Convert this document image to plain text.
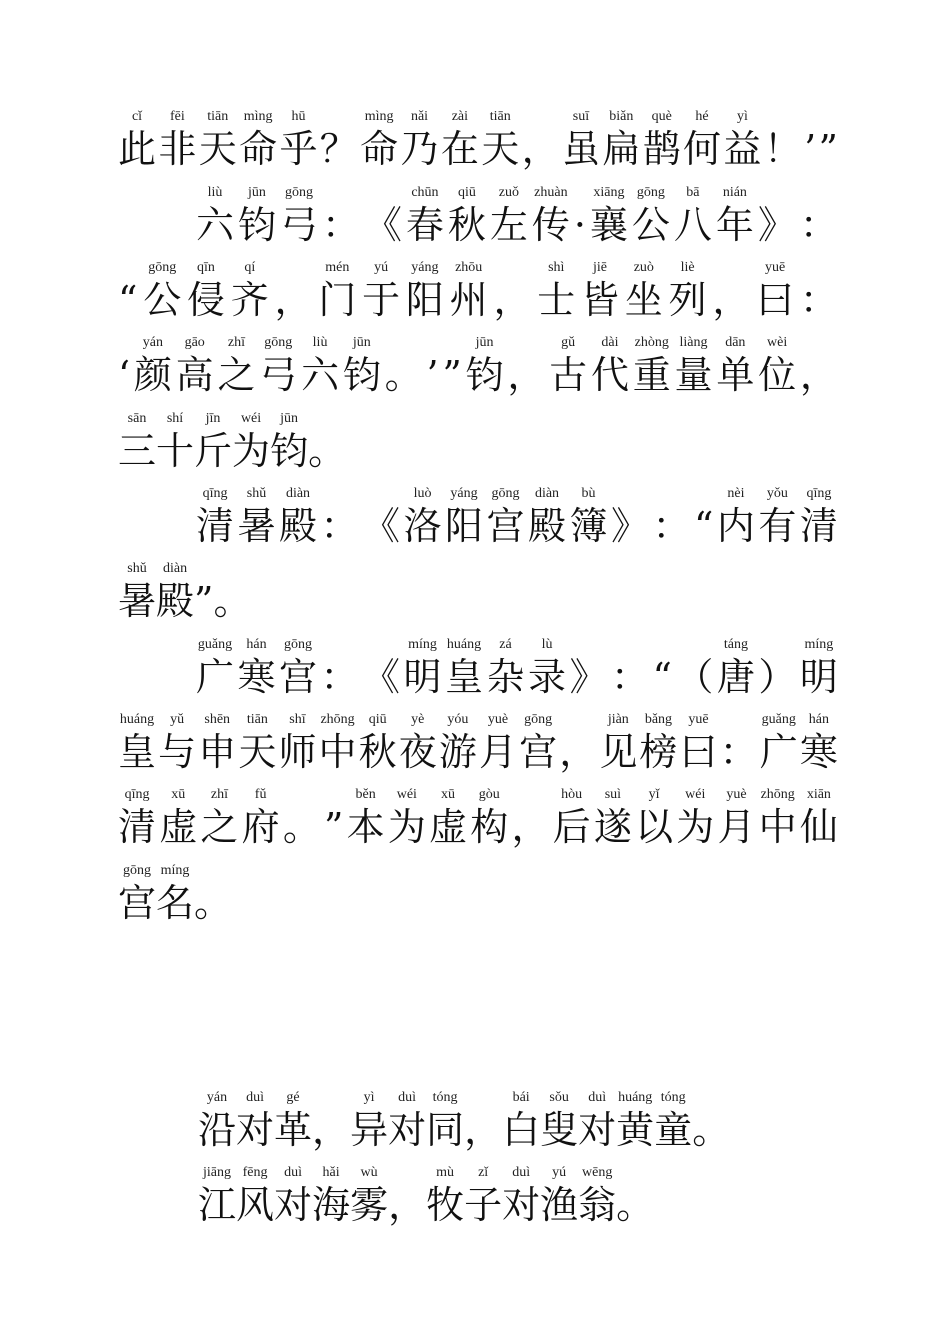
cǐ
此
fēi
非
tiān
天
mìng
命
hū
乎 ？
mìng
命
nǎi
乃
zài
在
tiān
天 ，
suī
虽
biǎn
扁
què
鹊
hé
何
yì
益 ！ ’ ”
liù
六
jūn
钧
gōng
弓 ： 《
chūn
春
qiū
秋
zuǒ
左
zhuàn
传 ·
xiāng
襄
gōng
公
bā
八
nián
年 》 ：
“
gōng
公
qīn
侵
qí
齐 ，
mén
门
yú
于
yáng
阳
zhōu
州 ，
shì
士
jiē
皆
zuò
坐
liè
列 ，
yuē
曰 ：
‘
yán
颜
gāo
高
zhī
之
gōng
弓
liù
六
jūn
钧 。 ’ ”
jūn
钧 ，
gǔ
古
dài
代
zhòng
重
liàng
量
dān
单
wèi
位 ，
sān
三
shí
十
jīn
斤
wéi
为
jūn
钧 。
qīng
清
shǔ
暑
diàn
殿 ： 《
luò
洛
yáng
阳
gōng
宫
diàn
殿
bù
簿 》 ： “
nèi
内
yǒu
有
qīng
清
shǔ
暑
diàn
殿 ” 。
guǎng
广
hán
寒
gōng
宫 ： 《
míng
明
huáng
皇
zá
杂
lù
录 》 ： “ （
táng
唐 ）
míng
明
huáng
皇
yǔ
与
shēn
申
tiān
天
shī
师
zhōng
中
qiū
秋
yè
夜
yóu
游
yuè
月
gōng
宫 ，
jiàn
见
bǎng
榜
yuē
曰 ：
guǎng
广
hán
寒
qīng
清
xū
虚
zhī
之
fǔ
府 。 ”
běn
本
wéi
为
xū
虚
gòu
构 ，
hòu
后
suì
遂
yǐ
以
wéi
为
yuè
月
zhōng
中
xiān
仙
gōng
宫
míng
名 。
yán
沿
duì
对
gé
革 ，
yì
异
duì
对
tóng
同 ，
bái
白
sǒu
叟
duì
对
huáng
黄
tóng
童 。
jiāng
江
fēng
风
duì
对
hǎi
海
wù
雾 ，
mù
牧
zǐ
子
duì
对
yú
渔
wēng
翁 。
